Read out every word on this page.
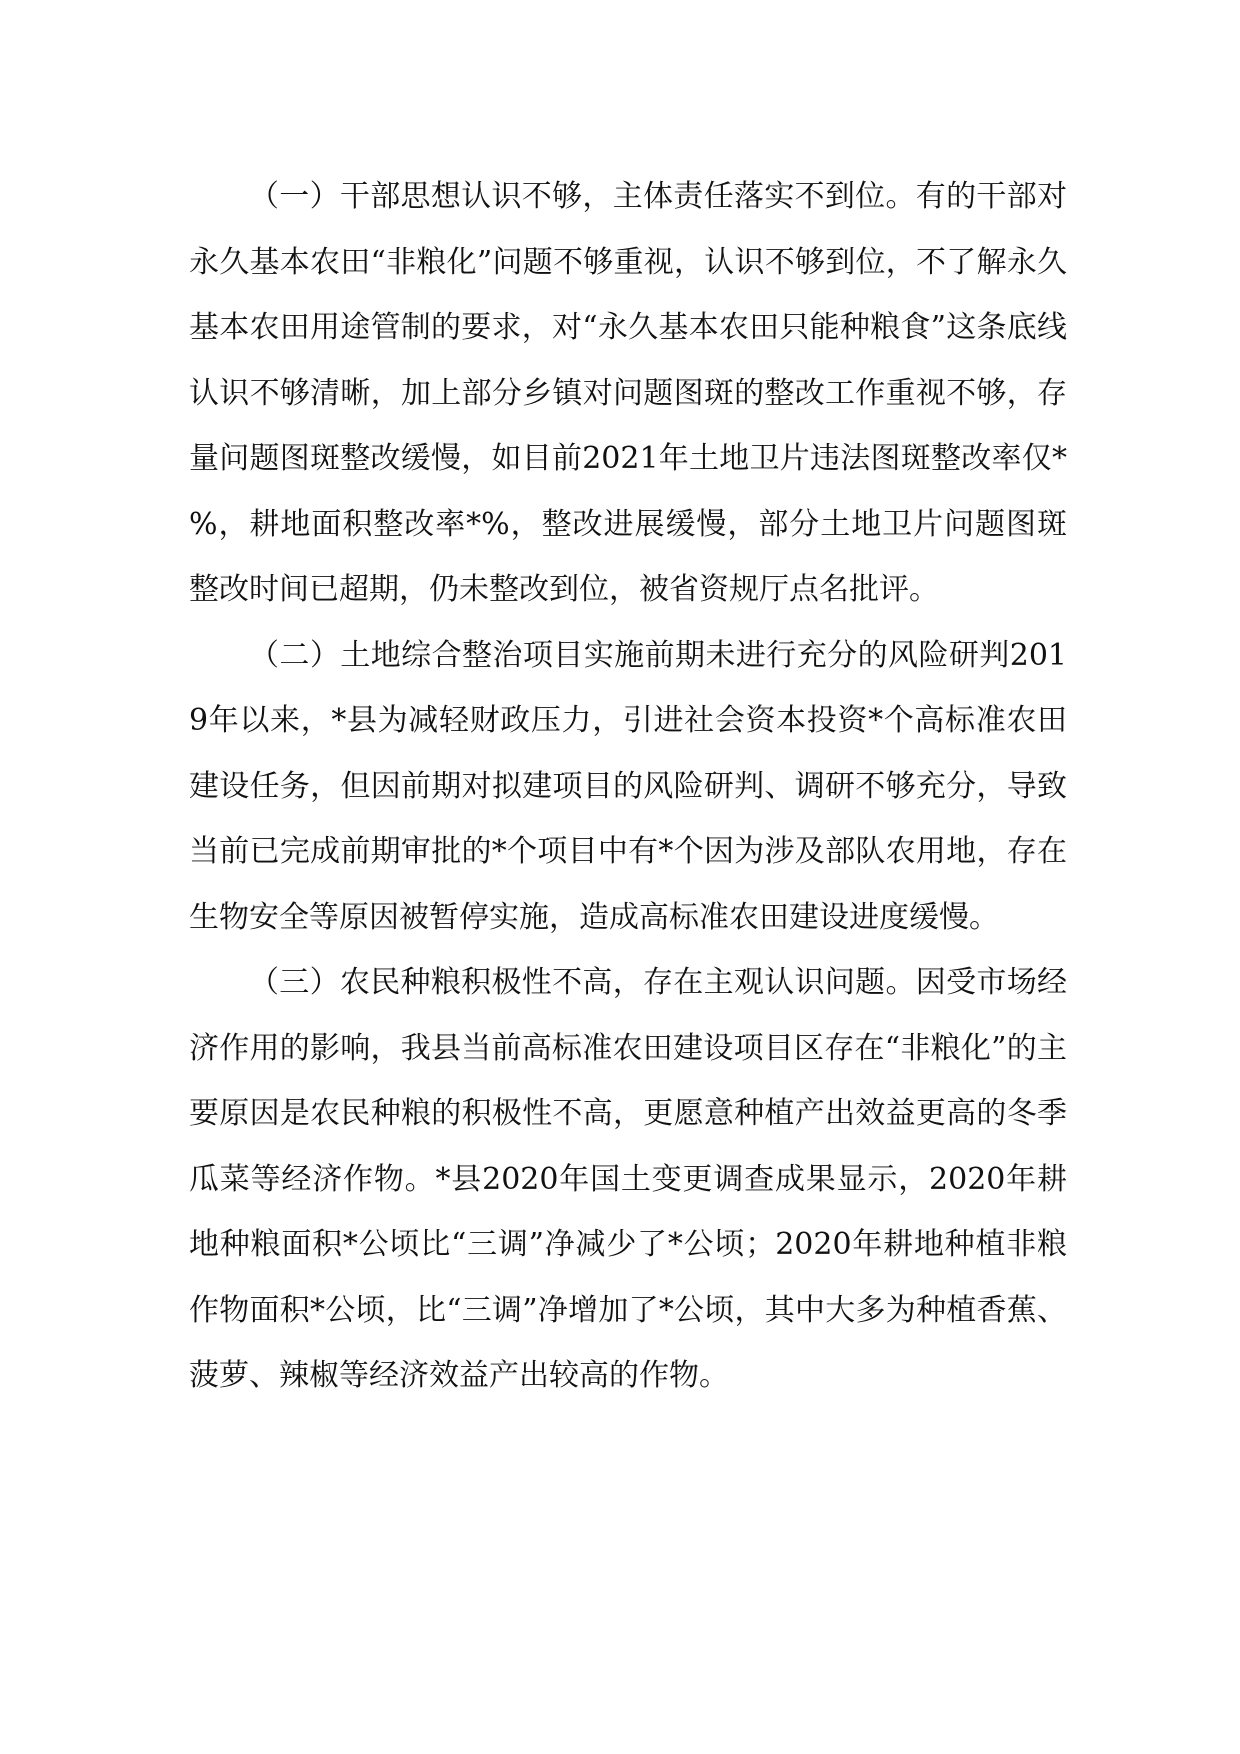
（一）干部思想认识不够，主体责任落实不到位。有的干部对永久基本农田“非粮化”问题不够重视，认识不够到位，不了解永久基本农田用途管制的要求，对“永久基本农田只能种粮食”这条底线认识不够清晰，加上部分乡镇对问题图斑的整改工作重视不够，存量问题图斑整改缓慢，如目前2021年土地卫片违法图斑整改率仅*%，耕地面积整改率*%，整改进展缓慢，部分土地卫片问题图斑整改时间已超期，仍未整改到位，被省资规厅点名批评。

（二）土地综合整治项目实施前期未进行充分的风险研判2019年以来，*县为减轻财政压力，引进社会资本投资*个高标准农田建设任务，但因前期对拟建项目的风险研判、调研不够充分，导致当前已完成前期审批的*个项目中有*个因为涉及部队农用地，存在生物安全等原因被暂停实施，造成高标准农田建设进度缓慢。

（三）农民种粮积极性不高，存在主观认识问题。因受市场经济作用的影响，我县当前高标准农田建设项目区存在“非粮化”的主要原因是农民种粮的积极性不高，更愿意种植产出效益更高的冬季瓜菜等经济作物。*县2020年国土变更调查成果显示，2020年耕地种粮面积*公顷比“三调”净减少了*公顷；2020年耕地种植非粮作物面积*公顷，比“三调”净增加了*公顷，其中大多为种植香蕉、菠萝、辣椒等经济效益产出较高的作物。
